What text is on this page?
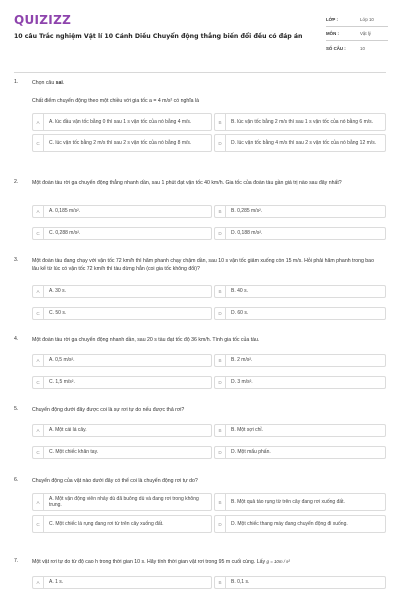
QUIZIZZ
10 câu Trắc nghiệm Vật lí 10 Cánh Diều Chuyển động thẳng biến đổi đều có đáp án
LỚP :	Lớp 10
MÔN :	Vật lý
SỐ CÂU :	10
1.	Chọn câu sai.
Chất điểm chuyển động theo một chiều với gia tốc a = 4 m/s² có nghĩa là
A	A. lúc đầu vận tốc bằng 0 thì sau 1 s vận tốc của nó bằng 4 m/s.	B	B. lúc vận tốc bằng 2 m/s thì sau 1 s vận tốc của nó bằng 6 m/s.
C	C. lúc vận tốc bằng 2 m/s thì sau 2 s vận tốc của nó bằng 8 m/s.	D	D. lúc vận tốc bằng 4 m/s thì sau 2 s vận tốc của nó bằng 12 m/s.
2.	Một đoàn tàu rời ga chuyển động thẳng nhanh dần, sau 1 phút đạt vận tốc 40 km/h. Gia tốc của đoàn tàu gần giá trị nào sau đây nhất?
A	A. 0,185 m/s².	B	B. 0,285 m/s².
C	C. 0,288 m/s².	D	D. 0,188 m/s².
3.	Một đoàn tàu đang chạy với vận tốc 72 km/h thì hãm phanh chạy chậm dần, sau 10 s vận tốc giảm xuống còn 15 m/s. Hỏi phải hãm phanh trong bao lâu kể từ lúc có vận tốc 72 km/h thì tàu dừng hẳn (coi gia tốc không đổi)?
A	A. 30 s.	B	B. 40 s.
C	C. 50 s.	D	D. 60 s.
4.	Một đoàn tàu rời ga chuyển động nhanh dần, sau 20 s tàu đạt tốc độ 36 km/h. Tính gia tốc của tàu.
A	A. 0,5 m/s².	B	B. 2 m/s².
C	C. 1,5 m/s².	D	D. 3 m/s².
5.	Chuyển động dưới đây được coi là sự rơi tự do nếu được thả rơi?
A	A. Một cái lá cây.	B	B. Một sợi chỉ.
C	C. Một chiếc khăn tay.	D	D. Một mẩu phấn.
6.	Chuyển động của vật nào dưới đây có thể coi là chuyển động rơi tự do?
A
A. Một vận động viên nhảy dù đã buông dù và đang rơi trong không trung.	B	B. Một quả táo rụng từ trên cây đang rơi xuống đất.
C	C. Một chiếc lá rụng đang rơi từ trên cây xuống đất.	D	D. Một chiếc thang máy đang chuyển động đi xuống.
7.	Một vật rơi tự do từ độ cao h trong thời gian 10 s. Hãy tính thời gian vật rơi trong 95 m cuối cùng. Lấy g = 10m / s²
A	A. 1 s.	B	B. 0,1 s.
